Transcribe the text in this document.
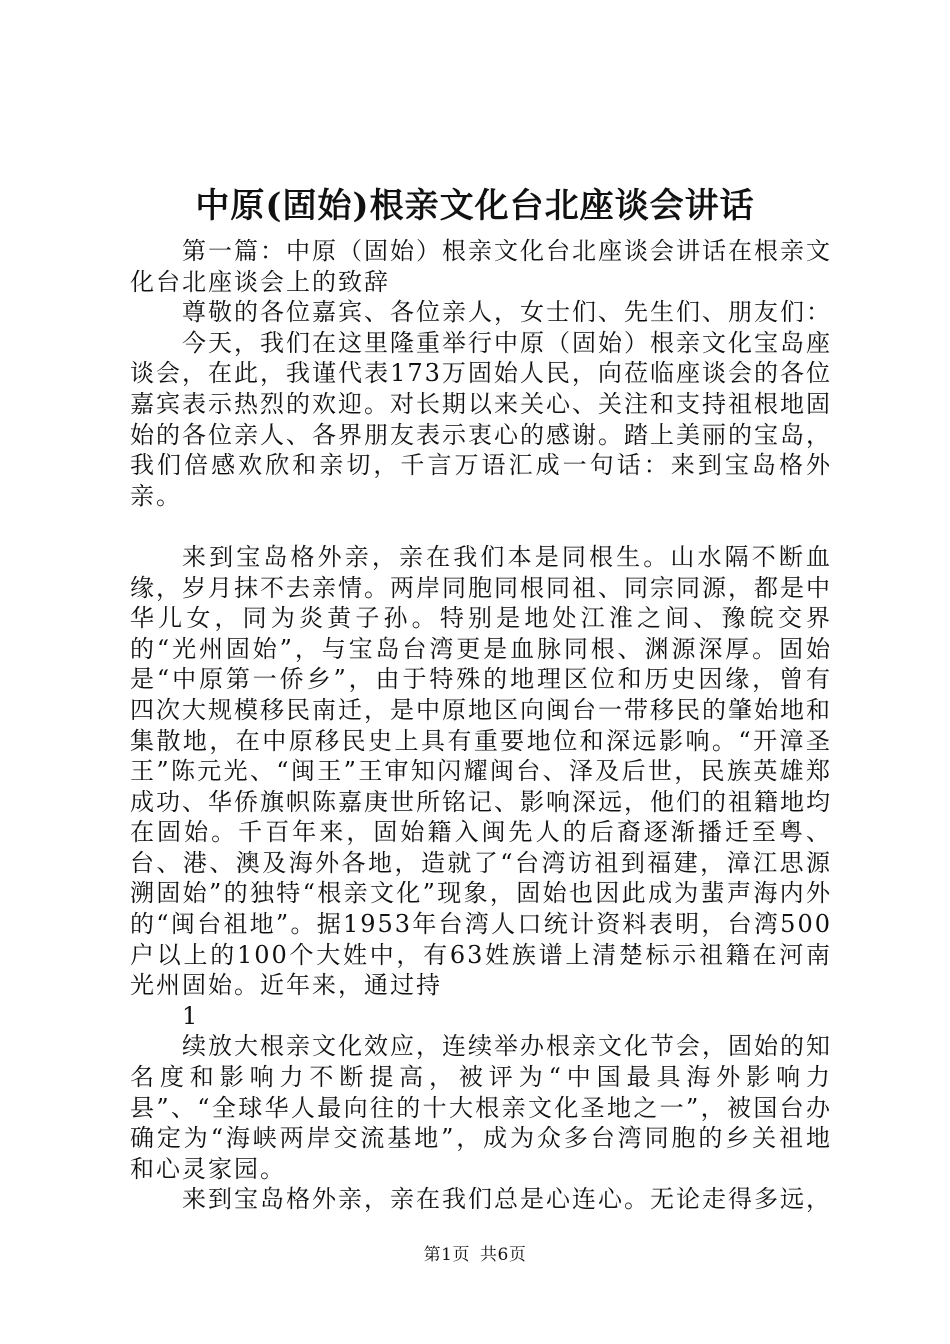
中原(固始)根亲文化台北座谈会讲话

第一篇：中原（固始）根亲文化台北座谈会讲话在根亲文化台北座谈会上的致辞

尊敬的各位嘉宾、各位亲人，女士们、先生们、朋友们：

今天，我们在这里隆重举行中原（固始）根亲文化宝岛座谈会，在此，我谨代表173万固始人民，向莅临座谈会的各位嘉宾表示热烈的欢迎。对长期以来关心、关注和支持祖根地固始的各位亲人、各界朋友表示衷心的感谢。踏上美丽的宝岛，我们倍感欢欣和亲切，千言万语汇成一句话：来到宝岛格外亲。

来到宝岛格外亲，亲在我们本是同根生。山水隔不断血缘，岁月抹不去亲情。两岸同胞同根同祖、同宗同源，都是中华儿女，同为炎黄子孙。特别是地处江淮之间、豫皖交界的“光州固始”，与宝岛台湾更是血脉同根、渊源深厚。固始是“中原第一侨乡”，由于特殊的地理区位和历史因缘，曾有四次大规模移民南迁，是中原地区向闽台一带移民的肇始地和集散地，在中原移民史上具有重要地位和深远影响。“开漳圣王”陈元光、“闽王”王审知闪耀闽台、泽及后世，民族英雄郑成功、华侨旗帜陈嘉庚世所铭记、影响深远，他们的祖籍地均在固始。千百年来，固始籍入闽先人的后裔逐渐播迁至粤、台、港、澳及海外各地，造就了“台湾访祖到福建，漳江思源溯固始”的独特“根亲文化”现象，固始也因此成为蜚声海内外的“闽台祖地”。据1953年台湾人口统计资料表明，台湾500户以上的100个大姓中，有63姓族谱上清楚标示祖籍在河南光州固始。近年来，通过持

1

续放大根亲文化效应，连续举办根亲文化节会，固始的知名度和影响力不断提高，被评为“中国最具海外影响力县”、“全球华人最向往的十大根亲文化圣地之一”，被国台办确定为“海峡两岸交流基地”，成为众多台湾同胞的乡关祖地和心灵家园。

来到宝岛格外亲，亲在我们总是心连心。无论走得多远，

第1页 共6页
